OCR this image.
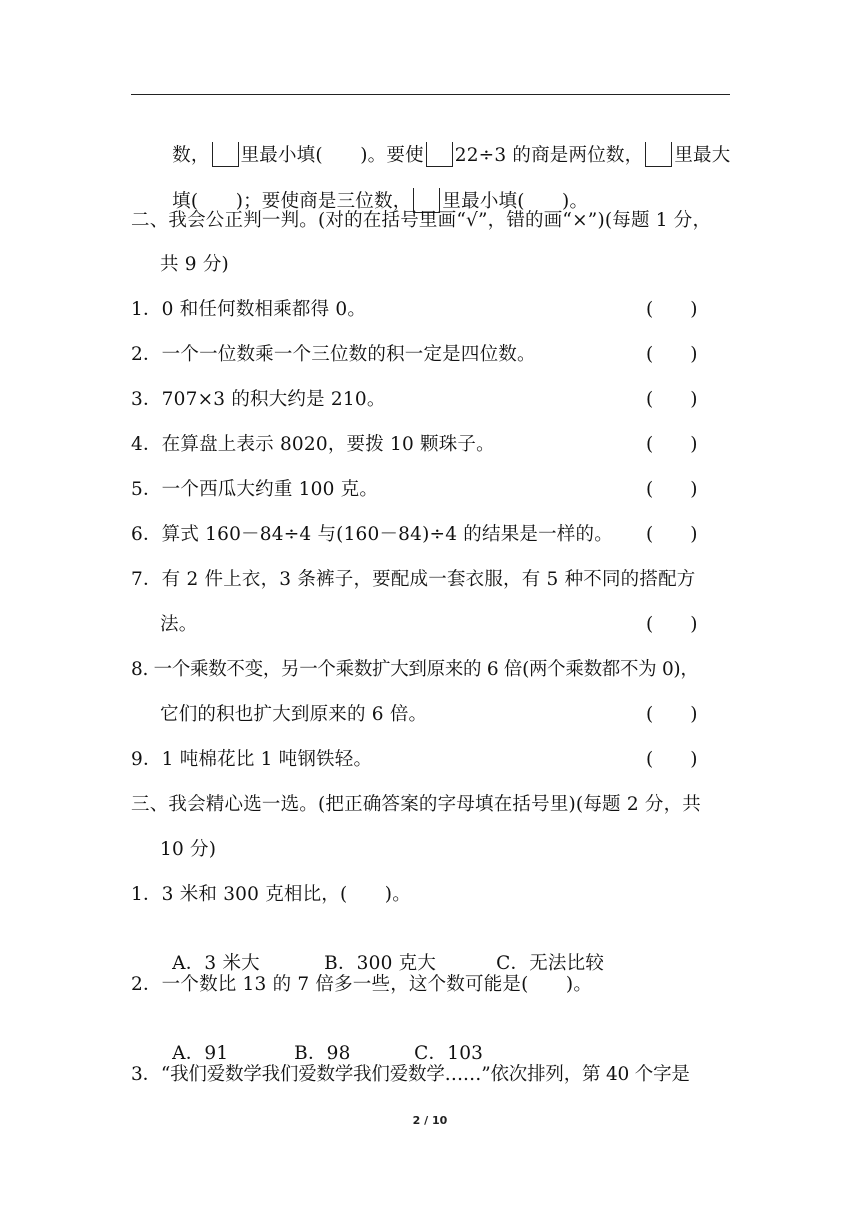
数， 里最小填(　　)。要使 22÷3 的商是两位数， 里最大

填(　　)；要使商是三位数， 里最小填(　　)。

二、我会公正判一判。(对的在括号里画“√”，错的画“×”)(每题 1 分，
共 9 分)
1．0 和任何数相乘都得 0。	(　　)
2．一个一位数乘一个三位数的积一定是四位数。	(　　)
3．707×3 的积大约是 210。	(　　)
4．在算盘上表示 8020，要拨 10 颗珠子。	(　　)
5．一个西瓜大约重 100 克。	(　　)
6．算式 160－84÷4 与(160－84)÷4 的结果是一样的。 (　　)
7．有 2 件上衣，3 条裤子，要配成一套衣服，有 5 种不同的搭配方
法。	(　　)
8. 一个乘数不变，另一个乘数扩大到原来的 6 倍(两个乘数都不为 0)，
它们的积也扩大到原来的 6 倍。	(　　)
9．1 吨棉花比 1 吨钢铁轻。	(　　)
三、我会精心选一选。(把正确答案的字母填在括号里)(每题 2 分，共
10 分)
1．3 米和 300 克相比，(　　)。

A．3 米大	B．300 克大	C．无法比较

2．一个数比 13 的 7 倍多一些，这个数可能是(　　)。

A．91	B．98	C．103

3．“我们爱数学我们爱数学我们爱数学……”依次排列，第 40 个字是
2 / 10
